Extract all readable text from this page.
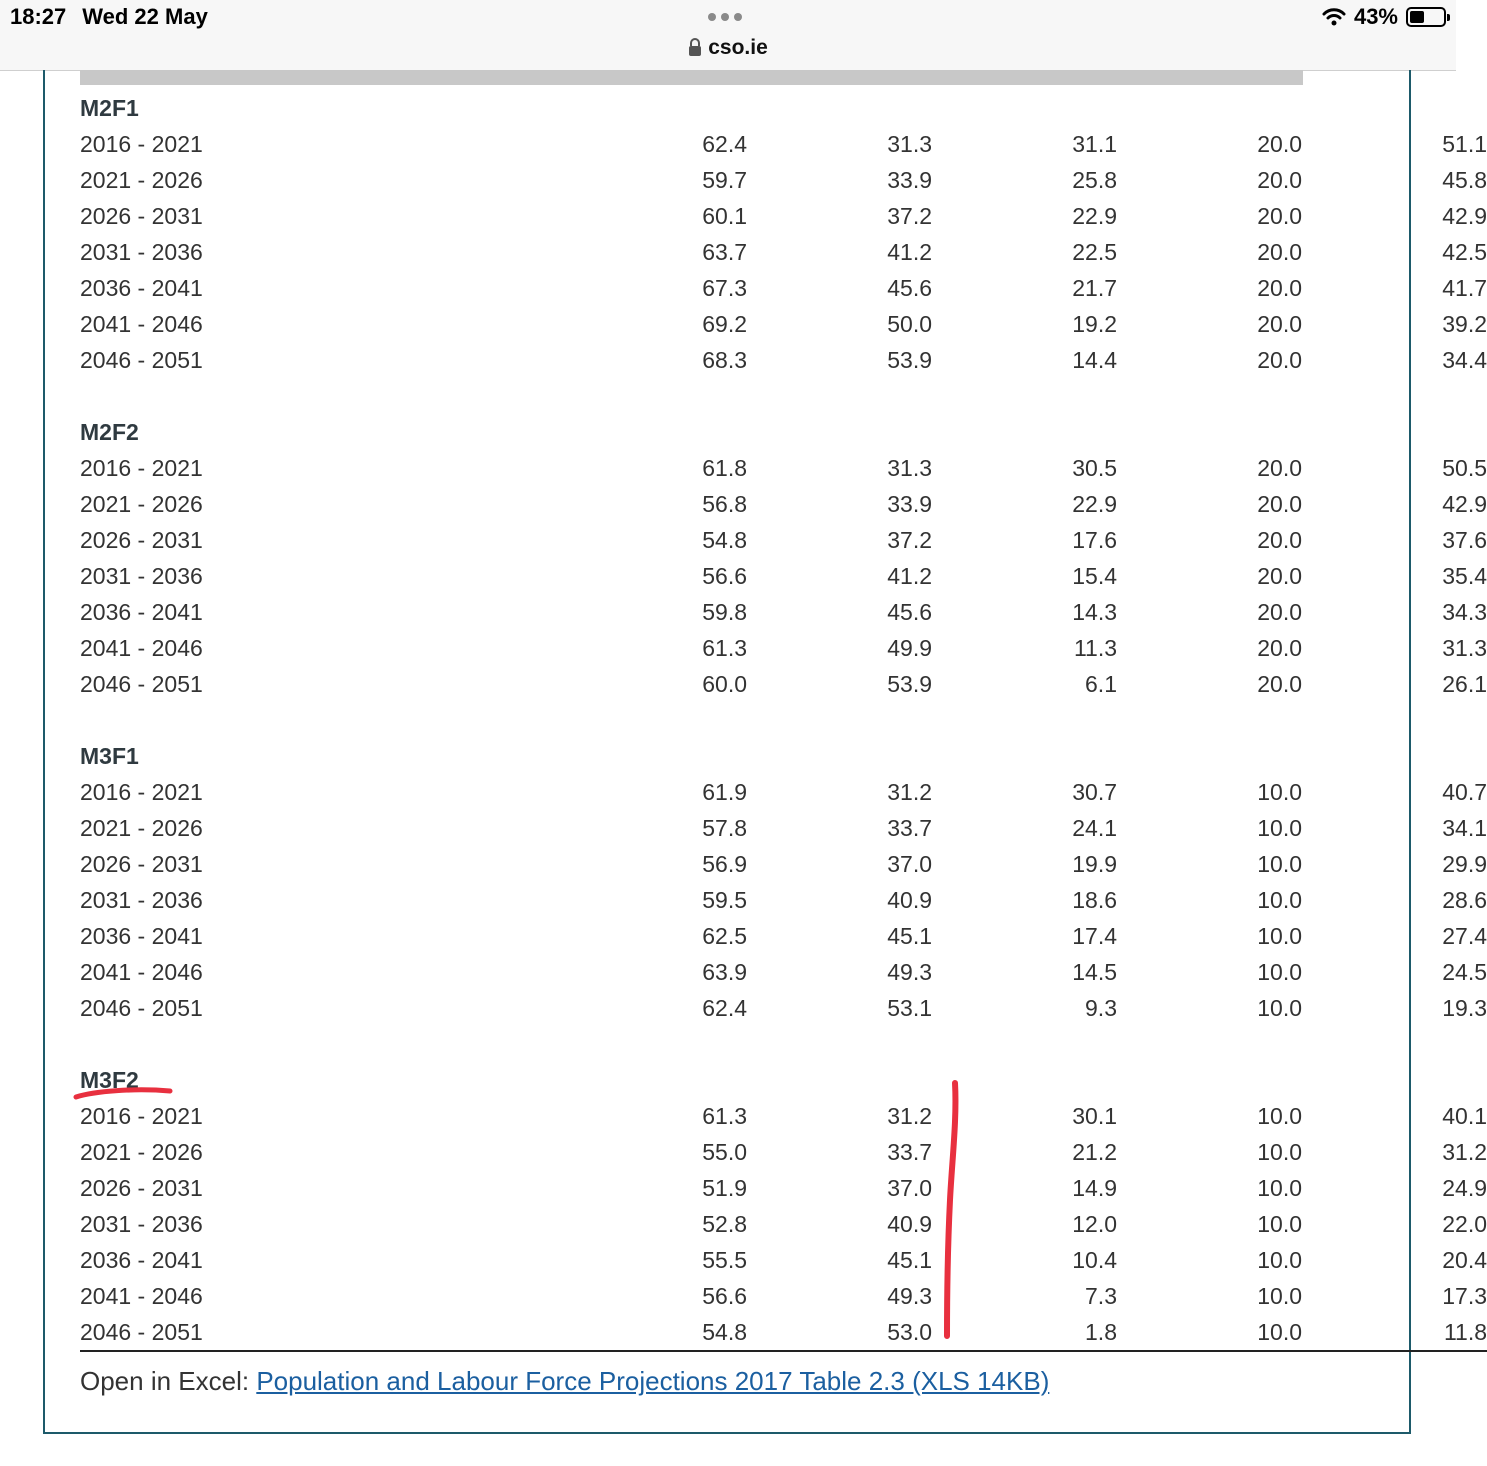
18:27 Wed 22 May
cso.ie
43%
M2F1					
2016 - 2021	62.4	31.3	31.1	20.0	51.1
2021 - 2026	59.7	33.9	25.8	20.0	45.8
2026 - 2031	60.1	37.2	22.9	20.0	42.9
2031 - 2036	63.7	41.2	22.5	20.0	42.5
2036 - 2041	67.3	45.6	21.7	20.0	41.7
2041 - 2046	69.2	50.0	19.2	20.0	39.2
2046 - 2051	68.3	53.9	14.4	20.0	34.4

M2F2					
2016 - 2021	61.8	31.3	30.5	20.0	50.5
2021 - 2026	56.8	33.9	22.9	20.0	42.9
2026 - 2031	54.8	37.2	17.6	20.0	37.6
2031 - 2036	56.6	41.2	15.4	20.0	35.4
2036 - 2041	59.8	45.6	14.3	20.0	34.3
2041 - 2046	61.3	49.9	11.3	20.0	31.3
2046 - 2051	60.0	53.9	6.1	20.0	26.1

M3F1					
2016 - 2021	61.9	31.2	30.7	10.0	40.7
2021 - 2026	57.8	33.7	24.1	10.0	34.1
2026 - 2031	56.9	37.0	19.9	10.0	29.9
2031 - 2036	59.5	40.9	18.6	10.0	28.6
2036 - 2041	62.5	45.1	17.4	10.0	27.4
2041 - 2046	63.9	49.3	14.5	10.0	24.5
2046 - 2051	62.4	53.1	9.3	10.0	19.3

M3F2					
2016 - 2021	61.3	31.2	30.1	10.0	40.1
2021 - 2026	55.0	33.7	21.2	10.0	31.2
2026 - 2031	51.9	37.0	14.9	10.0	24.9
2031 - 2036	52.8	40.9	12.0	10.0	22.0
2036 - 2041	55.5	45.1	10.4	10.0	20.4
2041 - 2046	56.6	49.3	7.3	10.0	17.3
2046 - 2051	54.8	53.0	1.8	10.0	11.8
Open in Excel: Population and Labour Force Projections 2017 Table 2.3 (XLS 14KB)
